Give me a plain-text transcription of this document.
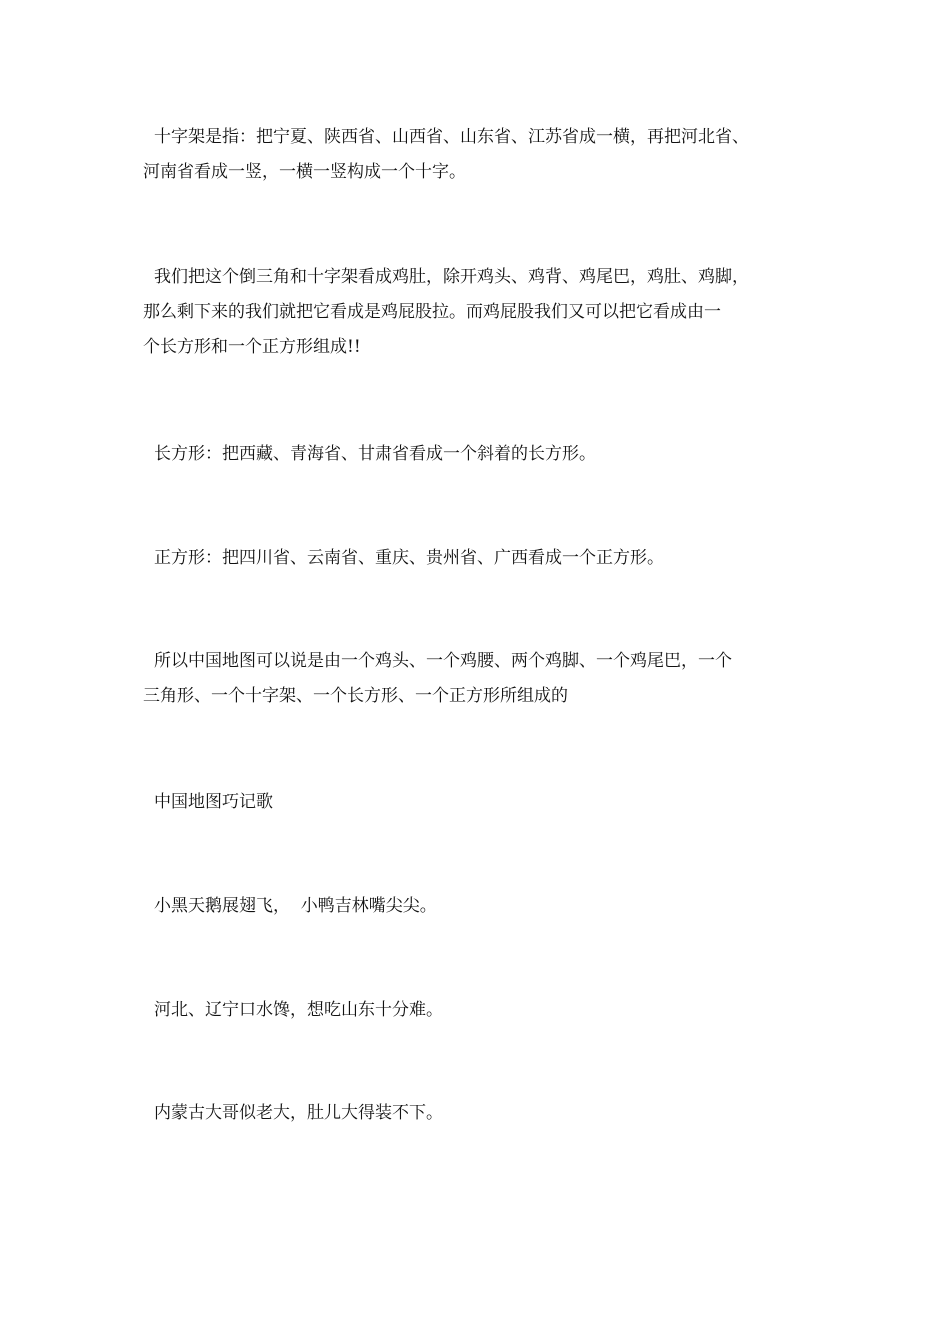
十字架是指：把宁夏、陕西省、山西省、山东省、江苏省成一横，再把河北省、
河南省看成一竖，一横一竖构成一个十字。

我们把这个倒三角和十字架看成鸡肚，除开鸡头、鸡背、鸡尾巴，鸡肚、鸡脚，
那么剩下来的我们就把它看成是鸡屁股拉。而鸡屁股我们又可以把它看成由一
个长方形和一个正方形组成!!

长方形：把西藏、青海省、甘肃省看成一个斜着的长方形。

正方形：把四川省、云南省、重庆、贵州省、广西看成一个正方形。

所以中国地图可以说是由一个鸡头、一个鸡腰、两个鸡脚、一个鸡尾巴，一个
三角形、一个十字架、一个长方形、一个正方形所组成的

中国地图巧记歌

小黑天鹅展翅飞，  小鸭吉林嘴尖尖。

河北、辽宁口水馋，想吃山东十分难。

内蒙古大哥似老大，肚儿大得装不下。
